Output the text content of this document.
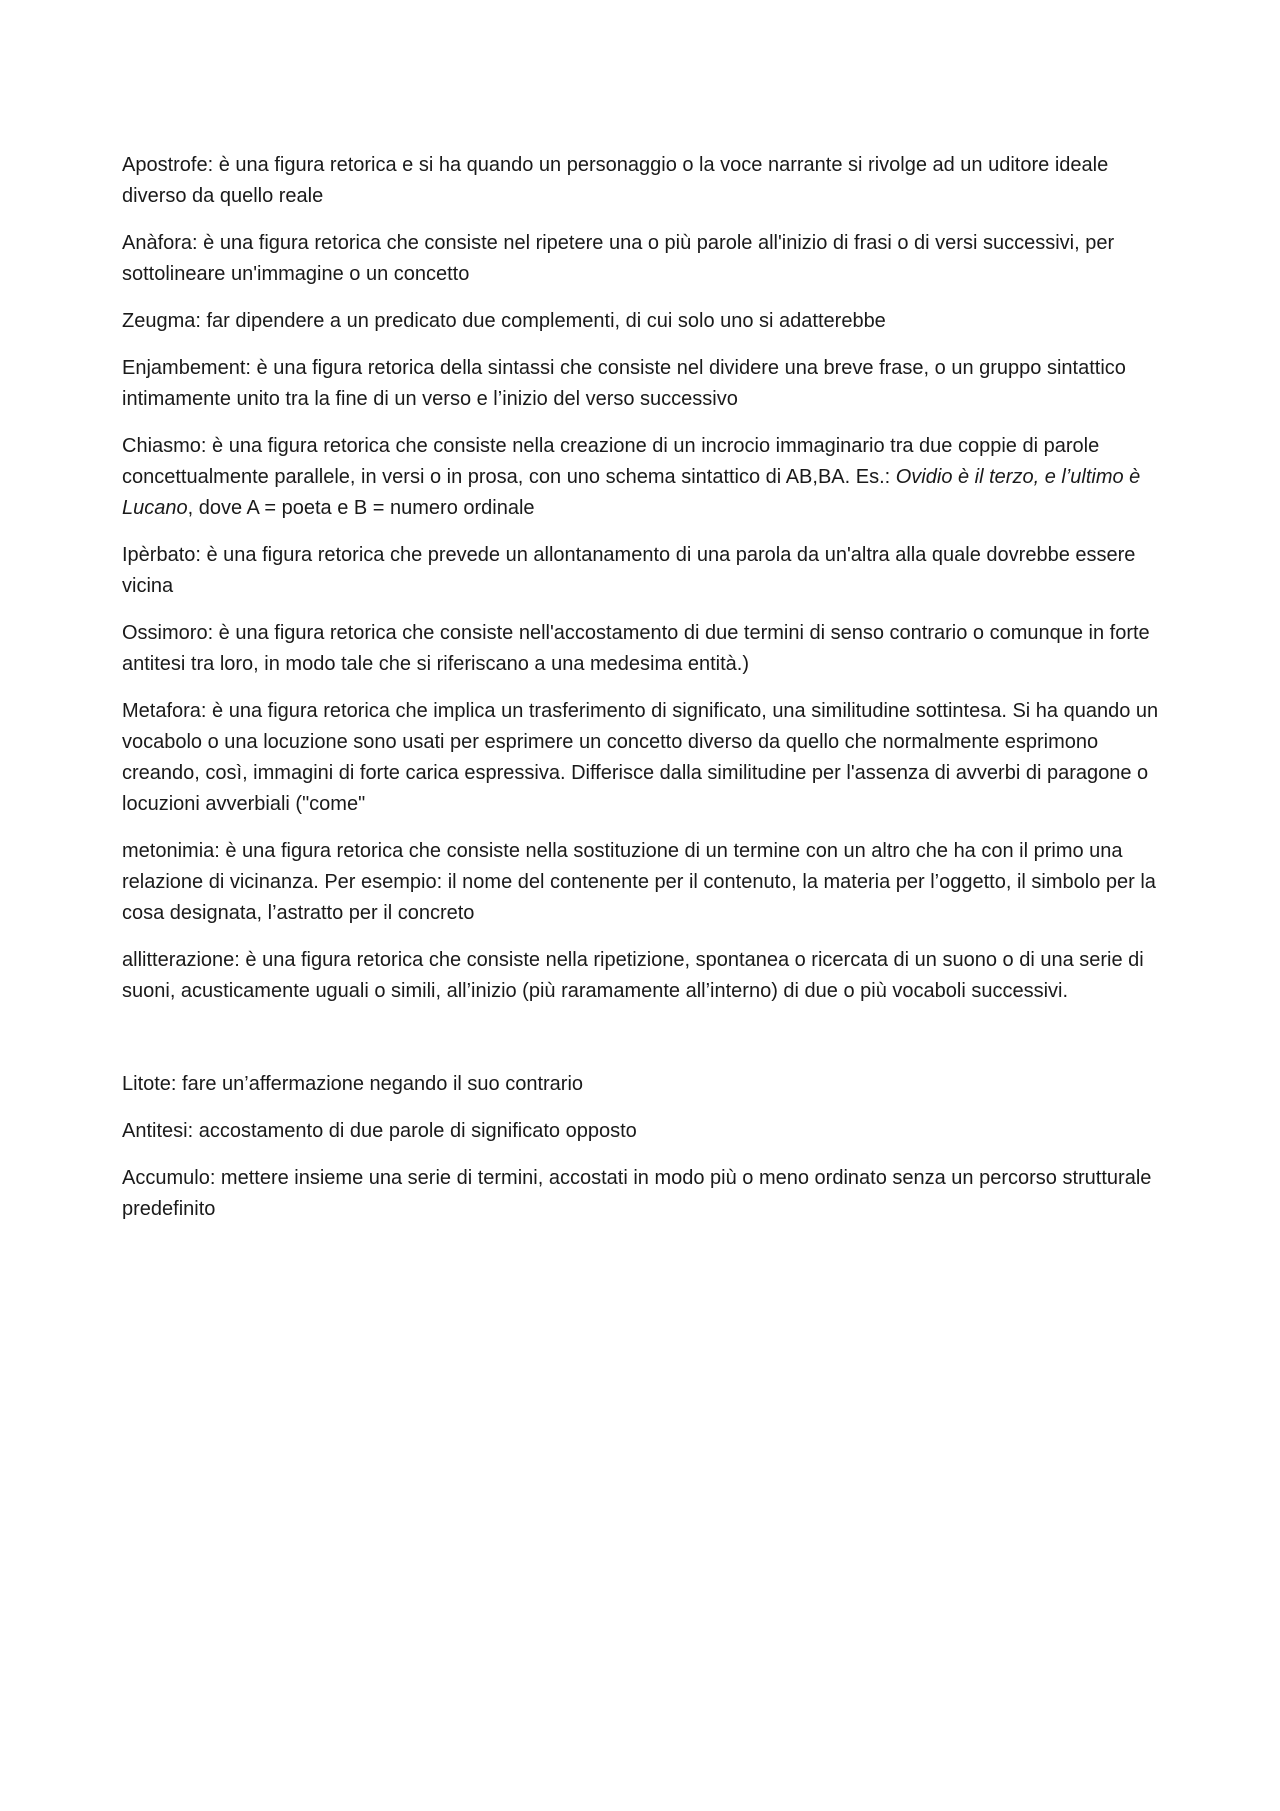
Apostrofe: è una figura retorica e si ha quando un personaggio o la voce narrante si rivolge ad un uditore ideale diverso da quello reale

Anàfora: è una figura retorica che consiste nel ripetere una o più parole all'inizio di frasi o di versi successivi, per sottolineare un'immagine o un concetto

Zeugma: far dipendere a un predicato due complementi, di cui solo uno si adatterebbe

Enjambement: è una figura retorica della sintassi che consiste nel dividere una breve frase, o un gruppo sintattico intimamente unito tra la fine di un verso e l’inizio del verso successivo

Chiasmo: è una figura retorica che consiste nella creazione di un incrocio immaginario tra due coppie di parole concettualmente parallele, in versi o in prosa, con uno schema sintattico di AB,BA. Es.: Ovidio è il terzo, e l’ultimo è Lucano, dove A = poeta e B = numero ordinale

Ipèrbato: è una figura retorica che prevede un allontanamento di una parola da un'altra alla quale dovrebbe essere vicina

Ossimoro: è una figura retorica che consiste nell'accostamento di due termini di senso contrario o comunque in forte antitesi tra loro, in modo tale che si riferiscano a una medesima entità.)

Metafora: è una figura retorica che implica un trasferimento di significato, una similitudine sottintesa. Si ha quando un vocabolo o una locuzione sono usati per esprimere un concetto diverso da quello che normalmente esprimono creando, così, immagini di forte carica espressiva. Differisce dalla similitudine per l'assenza di avverbi di paragone o locuzioni avverbiali ("come"

metonimia: è una figura retorica che consiste nella sostituzione di un termine con un altro che ha con il primo una relazione di vicinanza. Per esempio: il nome del contenente per il contenuto, la materia per l’oggetto, il simbolo per la cosa designata, l’astratto per il concreto

allitterazione: è una figura retorica che consiste nella ripetizione, spontanea o ricercata di un suono o di una serie di suoni, acusticamente uguali o simili, all’inizio (più raramamente all’interno) di due o più vocaboli successivi.

Litote: fare un’affermazione negando il suo contrario

Antitesi: accostamento di due parole di significato opposto

Accumulo: mettere insieme una serie di termini, accostati in modo più o meno ordinato senza un percorso strutturale predefinito
